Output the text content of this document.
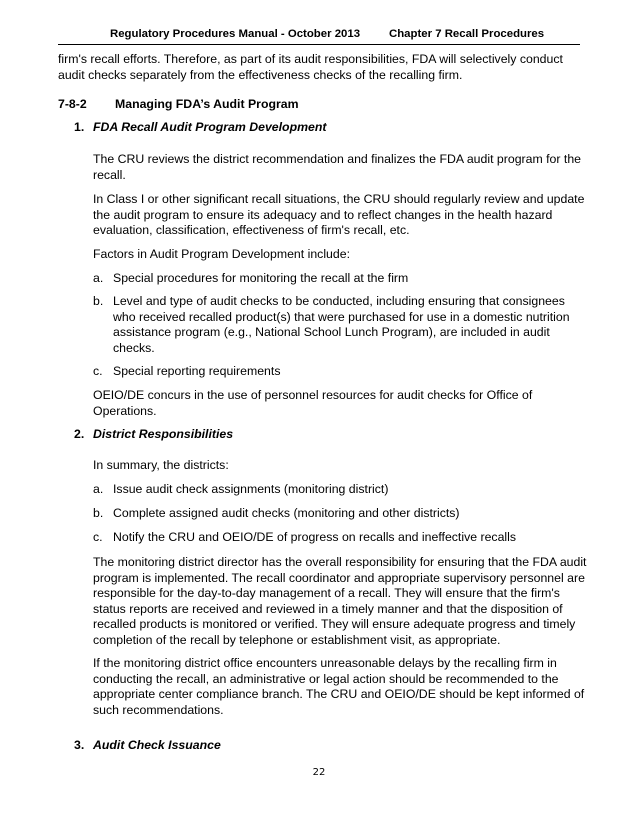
Regulatory Procedures Manual - October 2013	Chapter 7 Recall Procedures

firm's recall efforts. Therefore, as part of its audit responsibilities, FDA will selectively conduct audit checks separately from the effectiveness checks of the recalling firm.

7-8-2 Managing FDA’s Audit Program
1. FDA Recall Audit Program Development

The CRU reviews the district recommendation and finalizes the FDA audit program for the recall.

In Class I or other significant recall situations, the CRU should regularly review and update the audit program to ensure its adequacy and to reflect changes in the health hazard evaluation, classification, effectiveness of firm's recall, etc.

Factors in Audit Program Development include:

a. Special procedures for monitoring the recall at the firm
b. Level and type of audit checks to be conducted, including ensuring that consignees who received recalled product(s) that were purchased for use in a domestic nutrition assistance program (e.g., National School Lunch Program), are included in audit checks.
c. Special reporting requirements

OEIO/DE concurs in the use of personnel resources for audit checks for Office of Operations.

2. District Responsibilities

In summary, the districts:

a. Issue audit check assignments (monitoring district)
b. Complete assigned audit checks (monitoring and other districts)
c. Notify the CRU and OEIO/DE of progress on recalls and ineffective recalls

The monitoring district director has the overall responsibility for ensuring that the FDA audit program is implemented. The recall coordinator and appropriate supervisory personnel are responsible for the day-to-day management of a recall. They will ensure that the firm's status reports are received and reviewed in a timely manner and that the disposition of recalled products is monitored or verified. They will ensure adequate progress and timely completion of the recall by telephone or establishment visit, as appropriate.

If the monitoring district office encounters unreasonable delays by the recalling firm in conducting the recall, an administrative or legal action should be recommended to the appropriate center compliance branch. The CRU and OEIO/DE should be kept informed of such recommendations.

3. Audit Check Issuance
22
